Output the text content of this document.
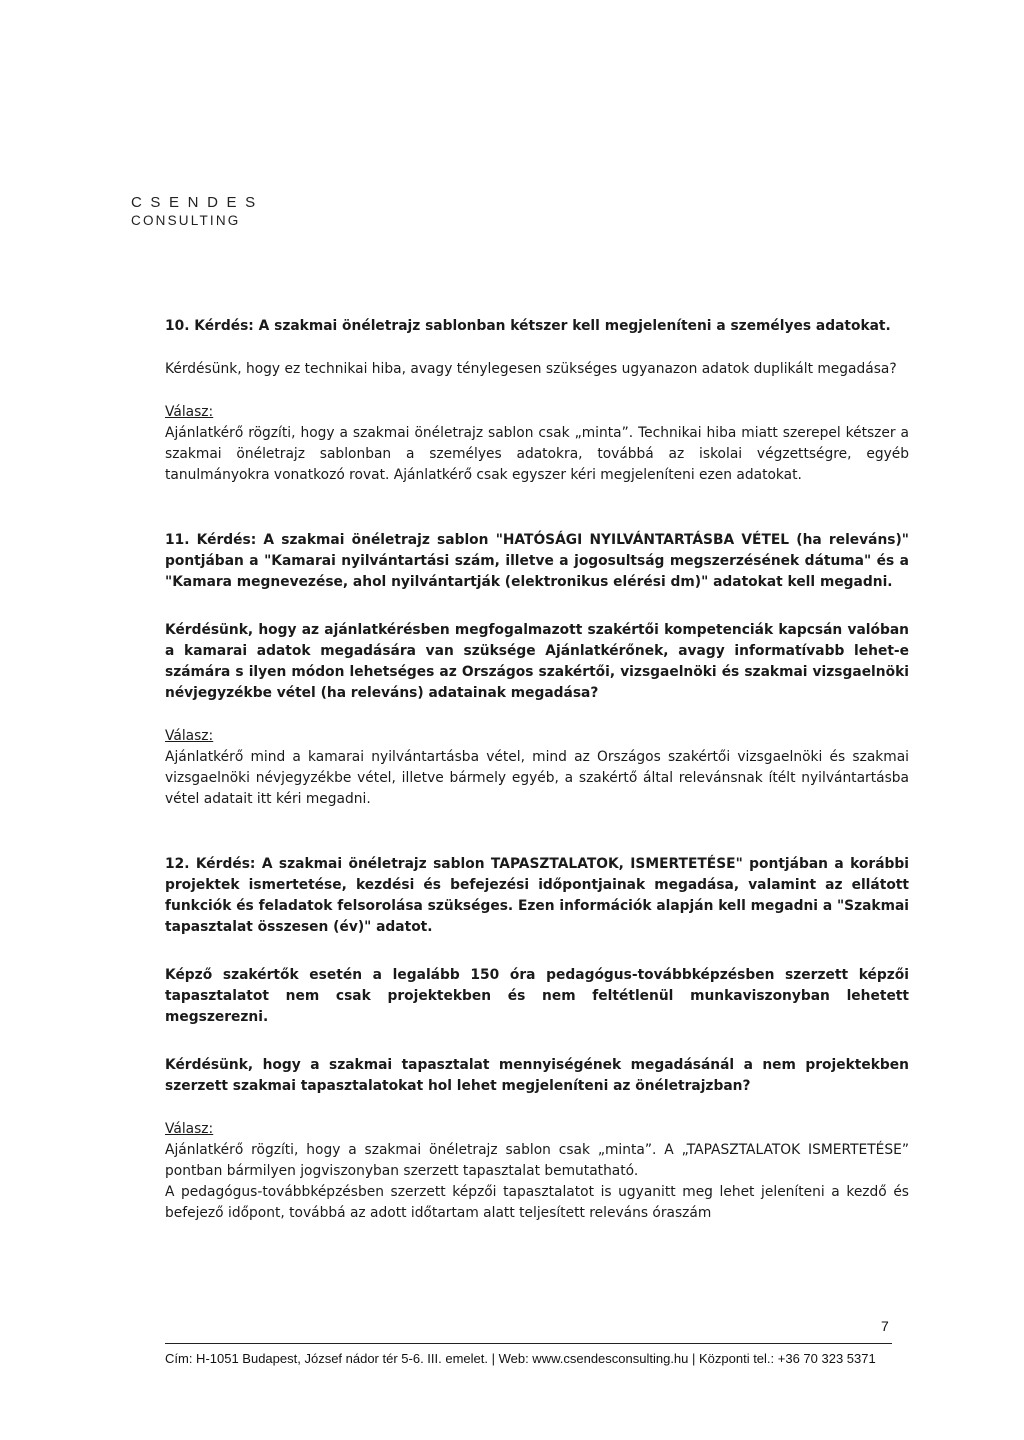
CSENDES
CONSULTING

10. Kérdés: A szakmai önéletrajz sablonban kétszer kell megjeleníteni a személyes adatokat.

Kérdésünk, hogy ez technikai hiba, avagy ténylegesen szükséges ugyanazon adatok duplikált megadása?

Válasz:

Ajánlatkérő rögzíti, hogy a szakmai önéletrajz sablon csak „minta”. Technikai hiba miatt szerepel kétszer a szakmai önéletrajz sablonban a személyes adatokra, továbbá az iskolai végzettségre, egyéb tanulmányokra vonatkozó rovat. Ajánlatkérő csak egyszer kéri megjeleníteni ezen adatokat.

11. Kérdés: A szakmai önéletrajz sablon "HATÓSÁGI NYILVÁNTARTÁSBA VÉTEL (ha releváns)" pontjában a "Kamarai nyilvántartási szám, illetve a jogosultság megszerzésének dátuma" és a "Kamara megnevezése, ahol nyilvántartják (elektronikus elérési dm)" adatokat kell megadni.

Kérdésünk, hogy az ajánlatkérésben megfogalmazott szakértői kompetenciák kapcsán valóban a kamarai adatok megadására van szüksége Ajánlatkérőnek, avagy informatívabb lehet-e számára s ilyen módon lehetséges az Országos szakértői, vizsgaelnöki és szakmai vizsgaelnöki névjegyzékbe vétel (ha releváns) adatainak megadása?

Válasz:

Ajánlatkérő mind a kamarai nyilvántartásba vétel, mind az Országos szakértői vizsgaelnöki és szakmai vizsgaelnöki névjegyzékbe vétel, illetve bármely egyéb, a szakértő által relevánsnak ítélt nyilvántartásba vétel adatait itt kéri megadni.

12. Kérdés: A szakmai önéletrajz sablon TAPASZTALATOK, ISMERTETÉSE" pontjában a korábbi projektek ismertetése, kezdési és befejezési időpontjainak megadása, valamint az ellátott funkciók és feladatok felsorolása szükséges. Ezen információk alapján kell megadni a "Szakmai tapasztalat összesen (év)" adatot.

Képző szakértők esetén a legalább 150 óra pedagógus-továbbképzésben szerzett képzői tapasztalatot nem csak projektekben és nem feltétlenül munkaviszonyban lehetett megszerezni.

Kérdésünk, hogy a szakmai tapasztalat mennyiségének megadásánál a nem projektekben szerzett szakmai tapasztalatokat hol lehet megjeleníteni az önéletrajzban?

Válasz:

Ajánlatkérő rögzíti, hogy a szakmai önéletrajz sablon csak „minta”. A „TAPASZTALATOK ISMERTETÉSE” pontban bármilyen jogviszonyban szerzett tapasztalat bemutatható.

A pedagógus-továbbképzésben szerzett képzői tapasztalatot is ugyanitt meg lehet jeleníteni a kezdő és befejező időpont, továbbá az adott időtartam alatt teljesített releváns óraszám

7
Cím: H-1051 Budapest, József nádor tér 5-6. III. emelet. | Web: www.csendesconsulting.hu | Központi tel.: +36 70 323 5371
